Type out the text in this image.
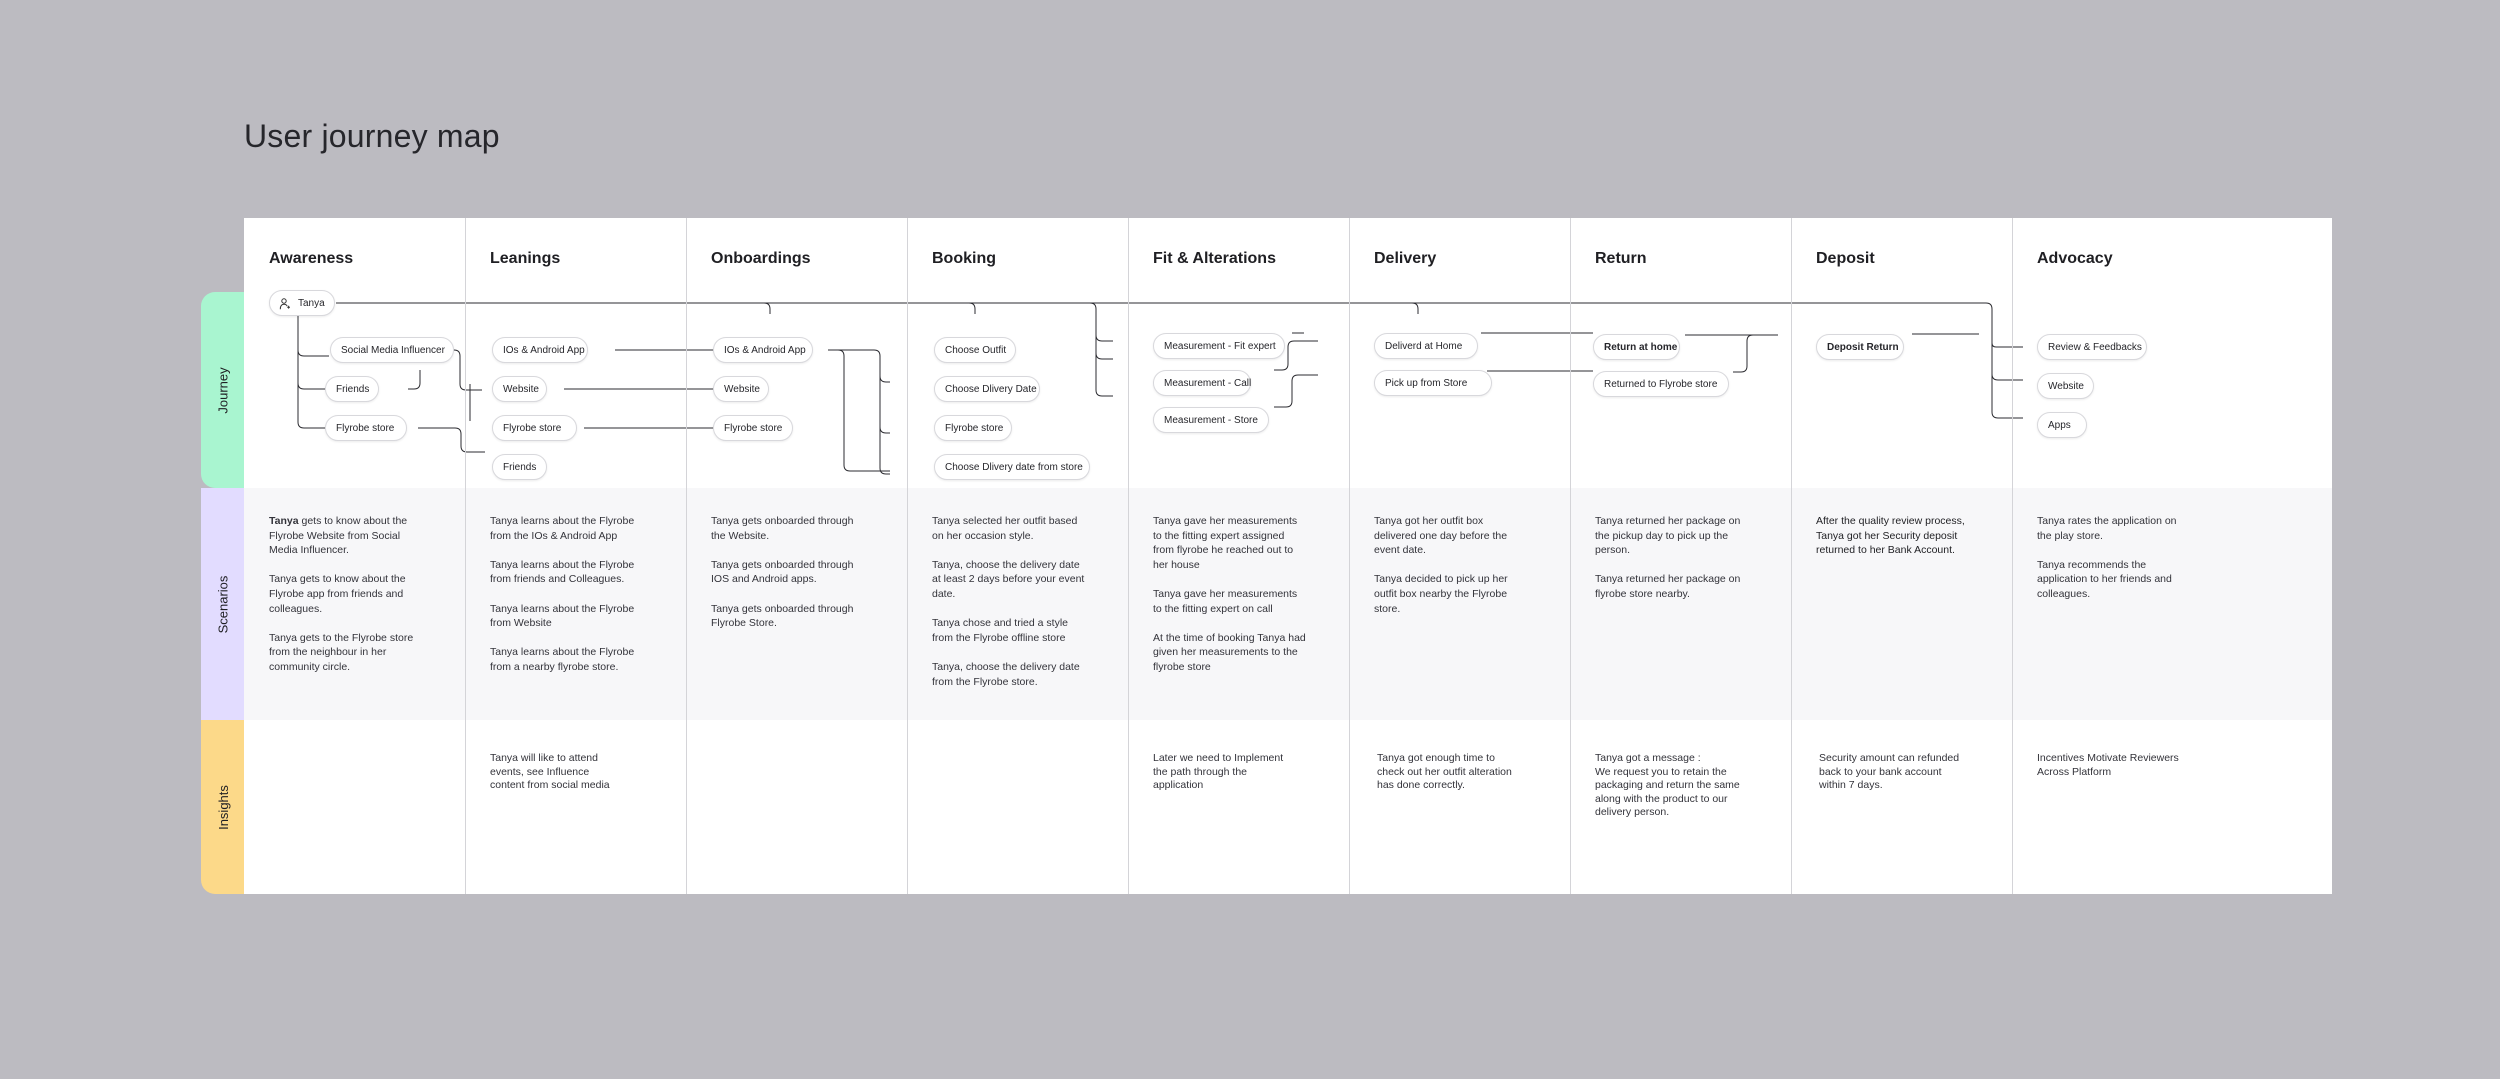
User journey map
Journey
Scenarios
Insights
Tanya
Awareness
Social Media Influencer
Friends
Flyrobe store

Tanya gets to know about the
Flyrobe Website from Social
Media Influencer.

Tanya gets to know about the
Flyrobe app from friends and
colleagues.

Tanya gets to the Flyrobe store
from the neighbour in her
community circle.

Leanings
IOs & Android App
Website
Flyrobe store
Friends

Tanya learns about the Flyrobe
from the IOs & Android App

Tanya learns about the Flyrobe
from friends and Colleagues.

Tanya learns about the Flyrobe
from Website

Tanya learns about the Flyrobe
from a nearby flyrobe store.

Tanya will like to attend
events, see Influence
content from social media
Onboardings
IOs & Android App
Website
Flyrobe store

Tanya gets onboarded through
the Website.

Tanya gets onboarded through
IOS and Android apps.

Tanya gets onboarded through
Flyrobe Store.

Booking
Choose Outfit
Choose Dlivery Date
Flyrobe store
Choose Dlivery date from store

Tanya selected her outfit based
on her occasion style.

Tanya, choose the delivery date
at least 2 days before your event
date.

Tanya chose and tried a style
from the Flyrobe offline store

Tanya, choose the delivery date
from the Flyrobe store.

Fit & Alterations
Measurement - Fit expert
Measurement - Call
Measurement - Store

Tanya gave her measurements
to the fitting expert assigned
from flyrobe he reached out to
her house

Tanya gave her measurements
to the fitting expert on call

At the time of booking Tanya had
given her measurements to the
flyrobe store

Later we need to Implement
the path through the
application
Delivery
Deliverd at Home
Pick up from Store

Tanya got her outfit box
delivered one day before the
event date.

Tanya decided to pick up her
outfit box nearby the Flyrobe
store.

Tanya got enough time to
check out her outfit alteration
has done correctly.
Return
Return at home
Returned to Flyrobe store

Tanya returned her package on
the pickup day to pick up the
person.

Tanya returned her package on
flyrobe store nearby.

Tanya got a message :
We request you to retain the
packaging and return the same
along with the product to our
delivery person.
Deposit
Deposit Return

After the quality review process,
Tanya got her Security deposit
returned to her Bank Account.

Security amount can refunded
back to your bank account
within 7 days.
Advocacy
Review & Feedbacks
Website
Apps

Tanya rates the application on
the play store.

Tanya recommends the
application to her friends and
colleagues.

Incentives Motivate Reviewers
Across Platform
